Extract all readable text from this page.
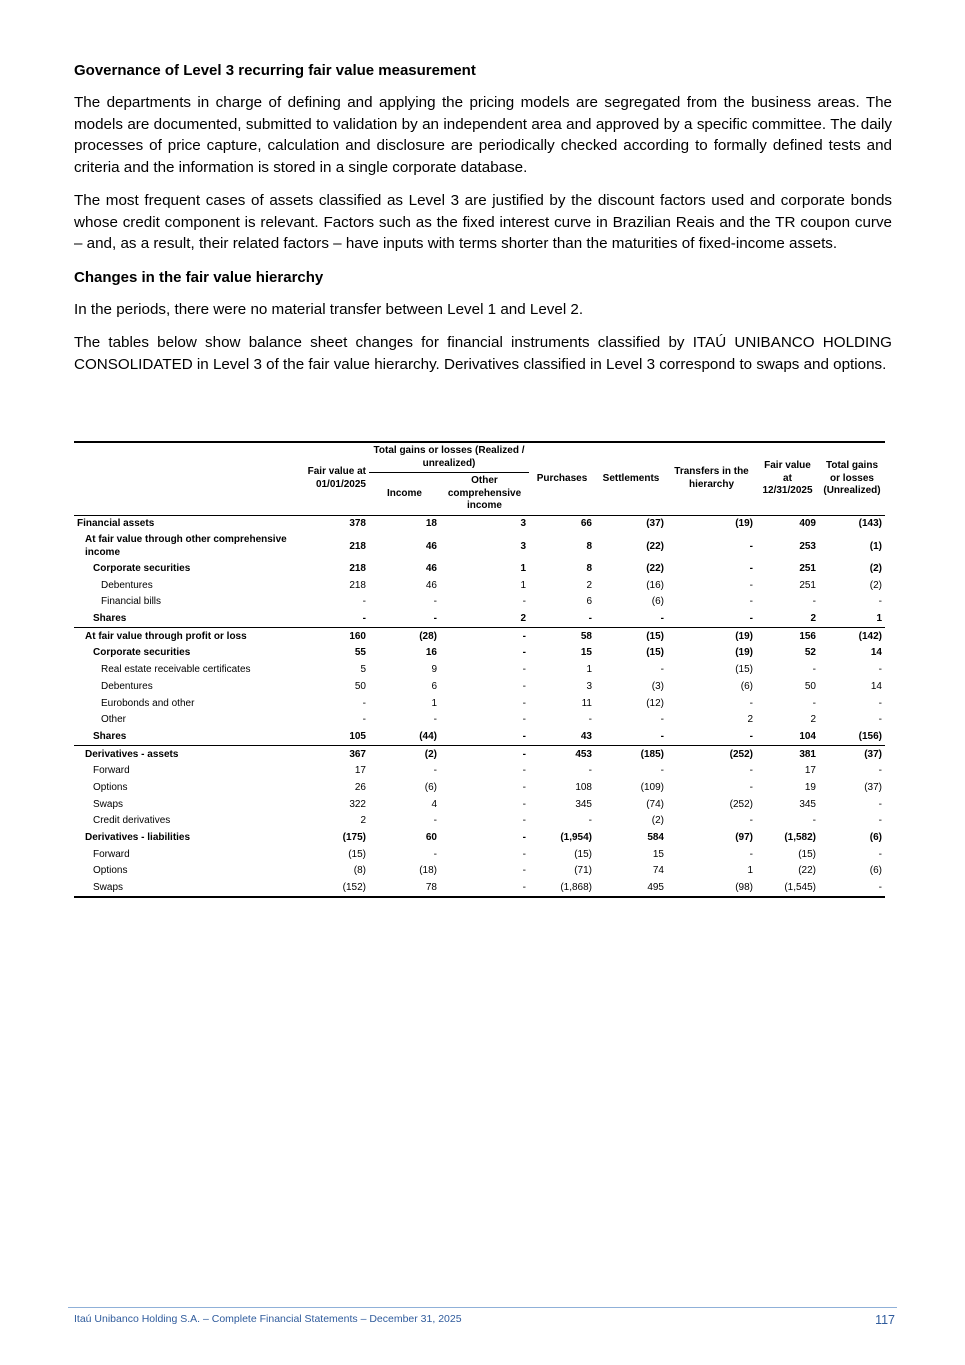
Governance of Level 3 recurring fair value measurement

The departments in charge of defining and applying the pricing models are segregated from the business areas. The models are documented, submitted to validation by an independent area and approved by a specific committee. The daily processes of price capture, calculation and disclosure are periodically checked according to formally defined tests and criteria and the information is stored in a single corporate database.

The most frequent cases of assets classified as Level 3 are justified by the discount factors used and corporate bonds whose credit component is relevant. Factors such as the fixed interest curve in Brazilian Reais and the TR coupon curve – and, as a result, their related factors – have inputs with terms shorter than the maturities of fixed-income assets.

Changes in the fair value hierarchy

In the periods, there were no material transfer between Level 1 and Level 2.

The tables below show balance sheet changes for financial instruments classified by ITAÚ UNIBANCO HOLDING CONSOLIDATED in Level 3 of the fair value hierarchy. Derivatives classified in Level 3 correspond to swaps and options.

	Fair value at 01/01/2025	Total gains or losses (Realized / unrealized)		Purchases	Settlements	Transfers in the hierarchy	Fair value at 12/31/2025	Total gains or losses (Unrealized)
		Income	Other comprehensive income					
Financial assets	378	18	3	66	(37)	(19)	409	(143)
At fair value through other comprehensive income	218	46	3	8	(22)	-	253	(1)
Corporate securities	218	46	1	8	(22)	-	251	(2)
Debentures	218	46	1	2	(16)	-	251	(2)
Financial bills	-	-	-	6	(6)	-	-	-
Shares	-	-	2	-	-	-	2	1
At fair value through profit or loss	160	(28)	-	58	(15)	(19)	156	(142)
Corporate securities	55	16	-	15	(15)	(19)	52	14
Real estate receivable certificates	5	9	-	1	-	(15)	-	-
Debentures	50	6	-	3	(3)	(6)	50	14
Eurobonds and other	-	1	-	11	(12)	-	-	-
Other	-	-	-	-	-	2	2	-
Shares	105	(44)	-	43	-	-	104	(156)
Derivatives - assets	367	(2)	-	453	(185)	(252)	381	(37)
Forward	17	-	-	-	-	-	17	-
Options	26	(6)	-	108	(109)	-	19	(37)
Swaps	322	4	-	345	(74)	(252)	345	-
Credit derivatives	2	-	-	-	(2)	-	-	-
Derivatives - liabilities	(175)	60	-	(1,954)	584	(97)	(1,582)	(6)
Forward	(15)	-	-	(15)	15	-	(15)	-
Options	(8)	(18)	-	(71)	74	1	(22)	(6)
Swaps	(152)	78	-	(1,868)	495	(98)	(1,545)	-
Itaú Unibanco Holding S.A. – Complete Financial Statements – December 31, 2025	117
